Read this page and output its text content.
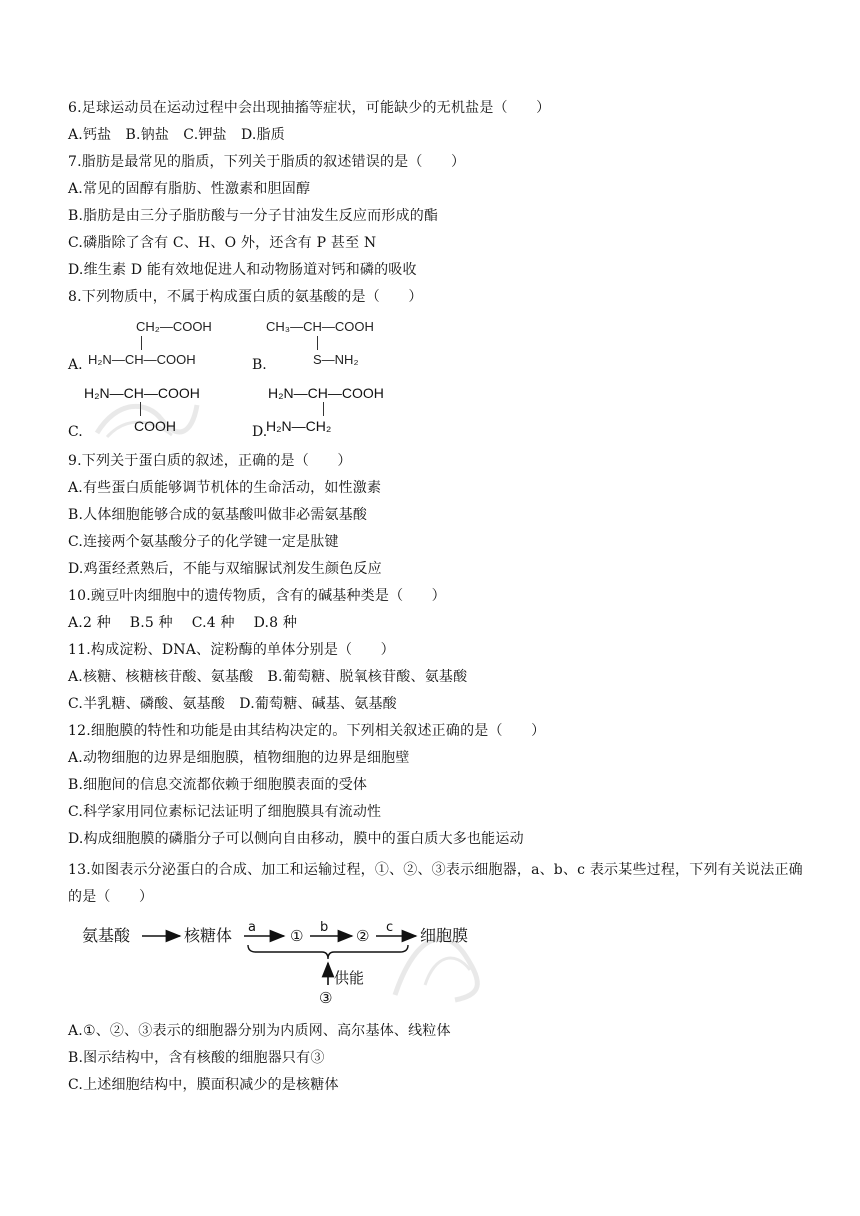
6.足球运动员在运动过程中会出现抽搐等症状，可能缺少的无机盐是（　　）
A.钙盐　B.钠盐　C.钾盐　D.脂质
7.脂肪是最常见的脂质，下列关于脂质的叙述错误的是（　　）
A.常见的固醇有脂肪、性激素和胆固醇
B.脂肪是由三分子脂肪酸与一分子甘油发生反应而形成的酯
C.磷脂除了含有 C、H、O 外，还含有 P 甚至 N
D.维生素 D 能有效地促进人和动物肠道对钙和磷的吸收
8.下列物质中，不属于构成蛋白质的氨基酸的是（　　）
A.
CH₂—COOH
H₂N—CH—COOH	B.
CH₃—CH—COOH
S—NH₂
C.
H₂N—CH—COOH
COOH	D.
H₂N—CH—COOH
H₂N—CH₂
9.下列关于蛋白质的叙述，正确的是（　　）
A.有些蛋白质能够调节机体的生命活动，如性激素
B.人体细胞能够合成的氨基酸叫做非必需氨基酸
C.连接两个氨基酸分子的化学键一定是肽键
D.鸡蛋经煮熟后，不能与双缩脲试剂发生颜色反应
10.豌豆叶肉细胞中的遗传物质，含有的碱基种类是（　　）
A.2 种　 B.5 种　 C.4 种　 D.8 种
11.构成淀粉、DNA、淀粉酶的单体分别是（　　）
A.核糖、核糖核苷酸、氨基酸　B.葡萄糖、脱氧核苷酸、氨基酸
C.半乳糖、磷酸、氨基酸　D.葡萄糖、碱基、氨基酸
12.细胞膜的特性和功能是由其结构决定的。下列相关叙述正确的是（　　）
A.动物细胞的边界是细胞膜，植物细胞的边界是细胞壁
B.细胞间的信息交流都依赖于细胞膜表面的受体
C.科学家用同位素标记法证明了细胞膜具有流动性
D.构成细胞膜的磷脂分子可以侧向自由移动，膜中的蛋白质大多也能运动
13.如图表示分泌蛋白的合成、加工和运输过程，①、②、③表示细胞器，a、b、c 表示某些过程，下列有关说法正确的是（　　）
氨基酸	核糖体 a ① b ② c 细胞膜
供能
③
A.①、②、③表示的细胞器分别为内质网、高尔基体、线粒体
B.图示结构中，含有核酸的细胞器只有③
C.上述细胞结构中，膜面积减少的是核糖体
